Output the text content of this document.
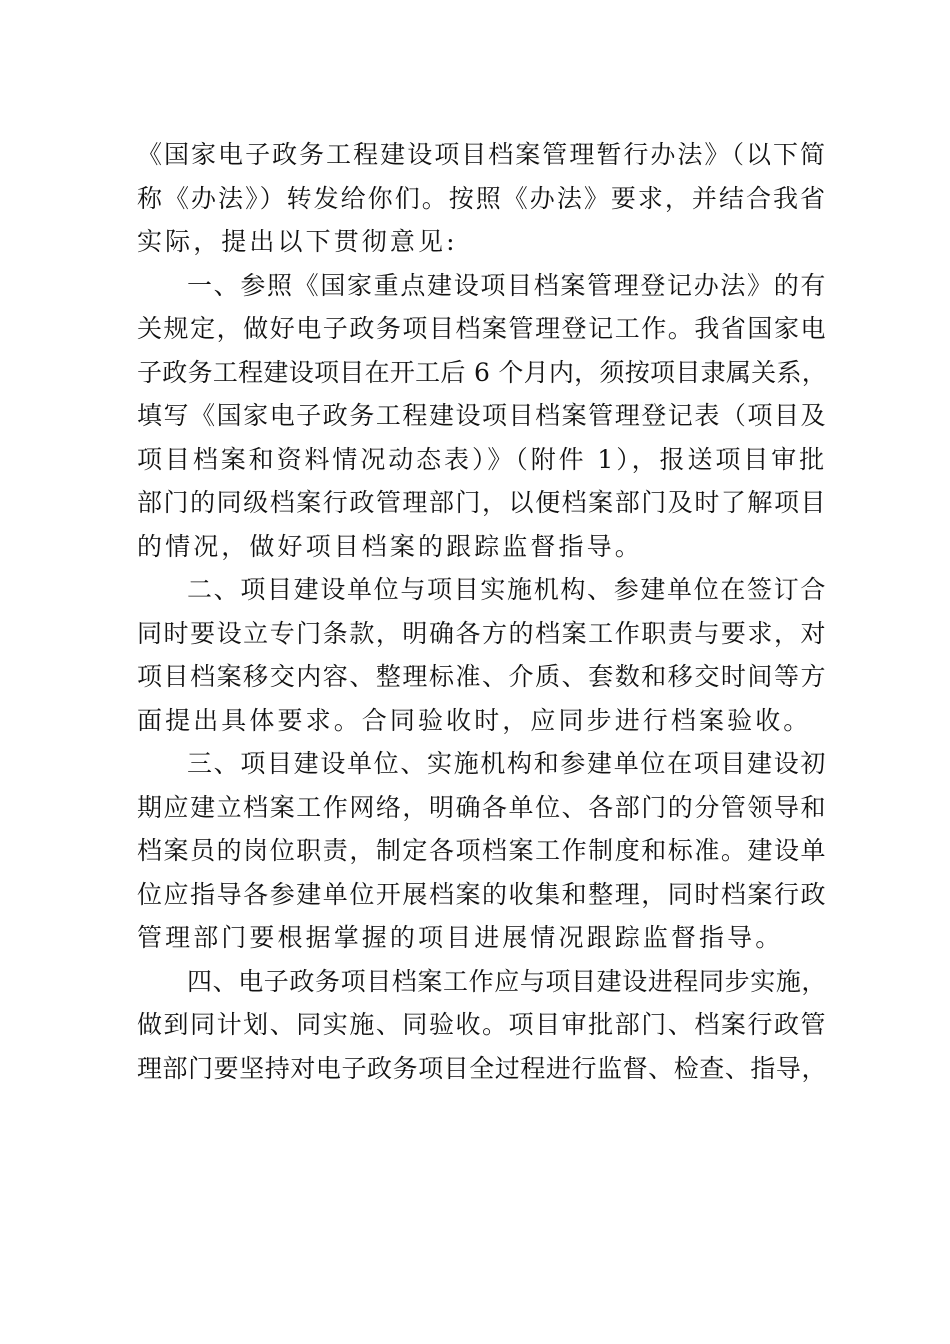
《国家电子政务工程建设项目档案管理暂行办法》（以下简
称《办法》）转发给你们。按照《办法》要求，并结合我省
实际，提出以下贯彻意见:
一、参照《国家重点建设项目档案管理登记办法》的有
关规定，做好电子政务项目档案管理登记工作。我省国家电
子政务工程建设项目在开工后 6 个月内，须按项目隶属关系，
填写《国家电子政务工程建设项目档案管理登记表（项目及
项目档案和资料情况动态表）》（附件 1），报送项目审批
部门的同级档案行政管理部门，以便档案部门及时了解项目
的情况，做好项目档案的跟踪监督指导。
二、项目建设单位与项目实施机构、参建单位在签订合
同时要设立专门条款，明确各方的档案工作职责与要求，对
项目档案移交内容、整理标准、介质、套数和移交时间等方
面提出具体要求。合同验收时，应同步进行档案验收。
三、项目建设单位、实施机构和参建单位在项目建设初
期应建立档案工作网络，明确各单位、各部门的分管领导和
档案员的岗位职责，制定各项档案工作制度和标准。建设单
位应指导各参建单位开展档案的收集和整理，同时档案行政
管理部门要根据掌握的项目进展情况跟踪监督指导。
四、电子政务项目档案工作应与项目建设进程同步实施，
做到同计划、同实施、同验收。项目审批部门、档案行政管
理部门要坚持对电子政务项目全过程进行监督、检查、指导，
